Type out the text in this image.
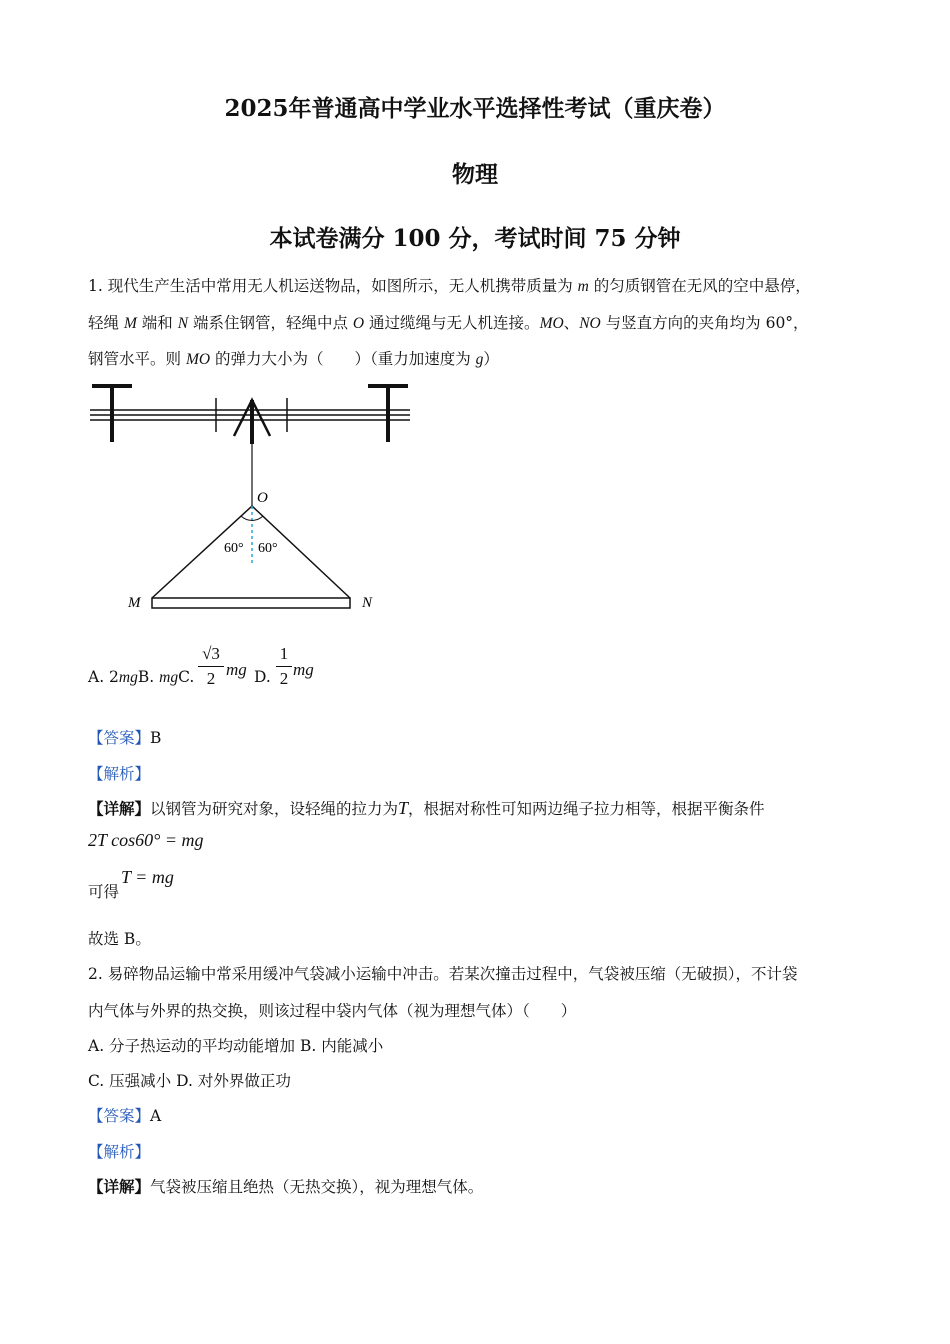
2025年普通高中学业水平选择性考试（重庆卷）
物理
本试卷满分 100 分，考试时间 75 分钟
1. 现代生产生活中常用无人机运送物品，如图所示，无人机携带质量为 m 的匀质钢管在无风的空中悬停，
轻绳 M 端和 N 端系住钢管，轻绳中点 O 通过缆绳与无人机连接。MO、NO 与竖直方向的夹角均为 60°，
钢管水平。则 MO 的弹力大小为（　　）（重力加速度为 g）
O
M	N
60° 60°
A. 2mgB. mgC.
√3
2 mg D.
1
2 mg
【答案】B
【解析】
【详解】以钢管为研究对象，设轻绳的拉力为T，根据对称性可知两边绳子拉力相等，根据平衡条件
2T cos60° = mg
可得
T = mg
故选 B。
2. 易碎物品运输中常采用缓冲气袋减小运输中冲击。若某次撞击过程中，气袋被压缩（无破损），不计袋
内气体与外界的热交换，则该过程中袋内气体（视为理想气体）（　　）
A. 分子热运动的平均动能增加 B. 内能减小
C. 压强减小 D. 对外界做正功
【答案】A
【解析】
【详解】气袋被压缩且绝热（无热交换），视为理想气体。
